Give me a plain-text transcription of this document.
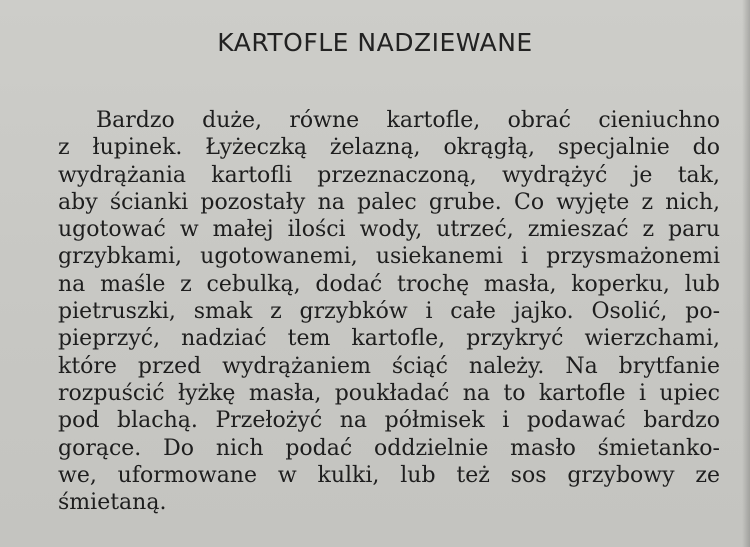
KARTOFLE NADZIEWANE
Bardzo duże, równe kartofle, obrać cieniuchno
z łupinek. Łyżeczką żelazną, okrągłą, specjalnie do
wydrążania kartofli przeznaczoną, wydrążyć je tak,
aby ścianki pozostały na palec grube. Co wyjęte z nich,
ugotować w małej ilości wody, utrzeć, zmieszać z paru
grzybkami, ugotowanemi, usiekanemi i przysmażonemi
na maśle z cebulką, dodać trochę masła, koperku, lub
pietruszki, smak z grzybków i całe jajko. Osolić, po-
pieprzyć, nadziać tem kartofle, przykryć wierzchami,
które przed wydrążaniem ściąć należy. Na brytfanie
rozpuścić łyżkę masła, poukładać na to kartofle i upiec
pod blachą. Przełożyć na półmisek i podawać bardzo
gorące. Do nich podać oddzielnie masło śmietanko-
we, uformowane w kulki, lub też sos grzybowy ze
śmietaną.
